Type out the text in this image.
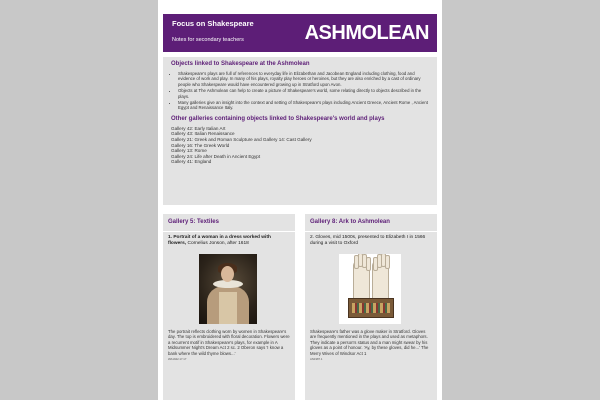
Focus on Shakespeare
Notes for secondary teachers	ASHMOLEAN
Objects linked to Shakespeare at the Ashmolean
• Shakespeare's plays are full of references to everyday life in Elizabethan and Jacobean England including clothing, food and evidence of work and play. In many of his plays, royalty play heroes or heroines, but they are also enriched by a cast of ordinary people who Shakespeare would have encountered growing up in Stratford upon Avon.
• Objects at The Ashmolean can help to create a picture of Shakespeare's world, some relating directly to objects described in the plays.
• Many galleries give an insight into the context and setting of Shakespeare's plays including Ancient Greece, Ancient Rome , Ancient Egypt and Renaissance Italy.
Other galleries containing objects linked to Shakespeare's world and plays
Gallery 42: Early Italian Art
Gallery 43: Italian Renaissance
Gallery 21: Greek and Roman Sculpture and Gallery 14: Cast Gallery
Gallery 16: The Greek World
Gallery 13: Rome
Gallery 24: Life after Death in Ancient Egypt
Gallery 41: England
Gallery 5: Textiles
1. Portrait of a woman in a dress worked with flowers, Cornelius Jonson, after 1618
The portrait reflects clothing worn by women in Shakespeare's day. The top is embroidered with floral decoration. Flowers were a recurrent motif in Shakespeare's plays, for example in A Midsummer Night's Dream Act 2 sc. 2 Oberon says 'I know a bank where the wild thyme blows...'
WA1942.17.17
Gallery 8: Ark to Ashmolean
2. Gloves, mid 1500s, presented to Elizabeth I in 1566 during a visit to Oxford
Shakespeare's father was a glove maker in Stratford. Gloves are frequently mentioned in the plays and used as metaphors. They indicate a person's status and a man might swear by his gloves as a point of honour. 'Ay, by these gloves, did he...' The Merry Wives of Windsor Act 1
AN1987.1
